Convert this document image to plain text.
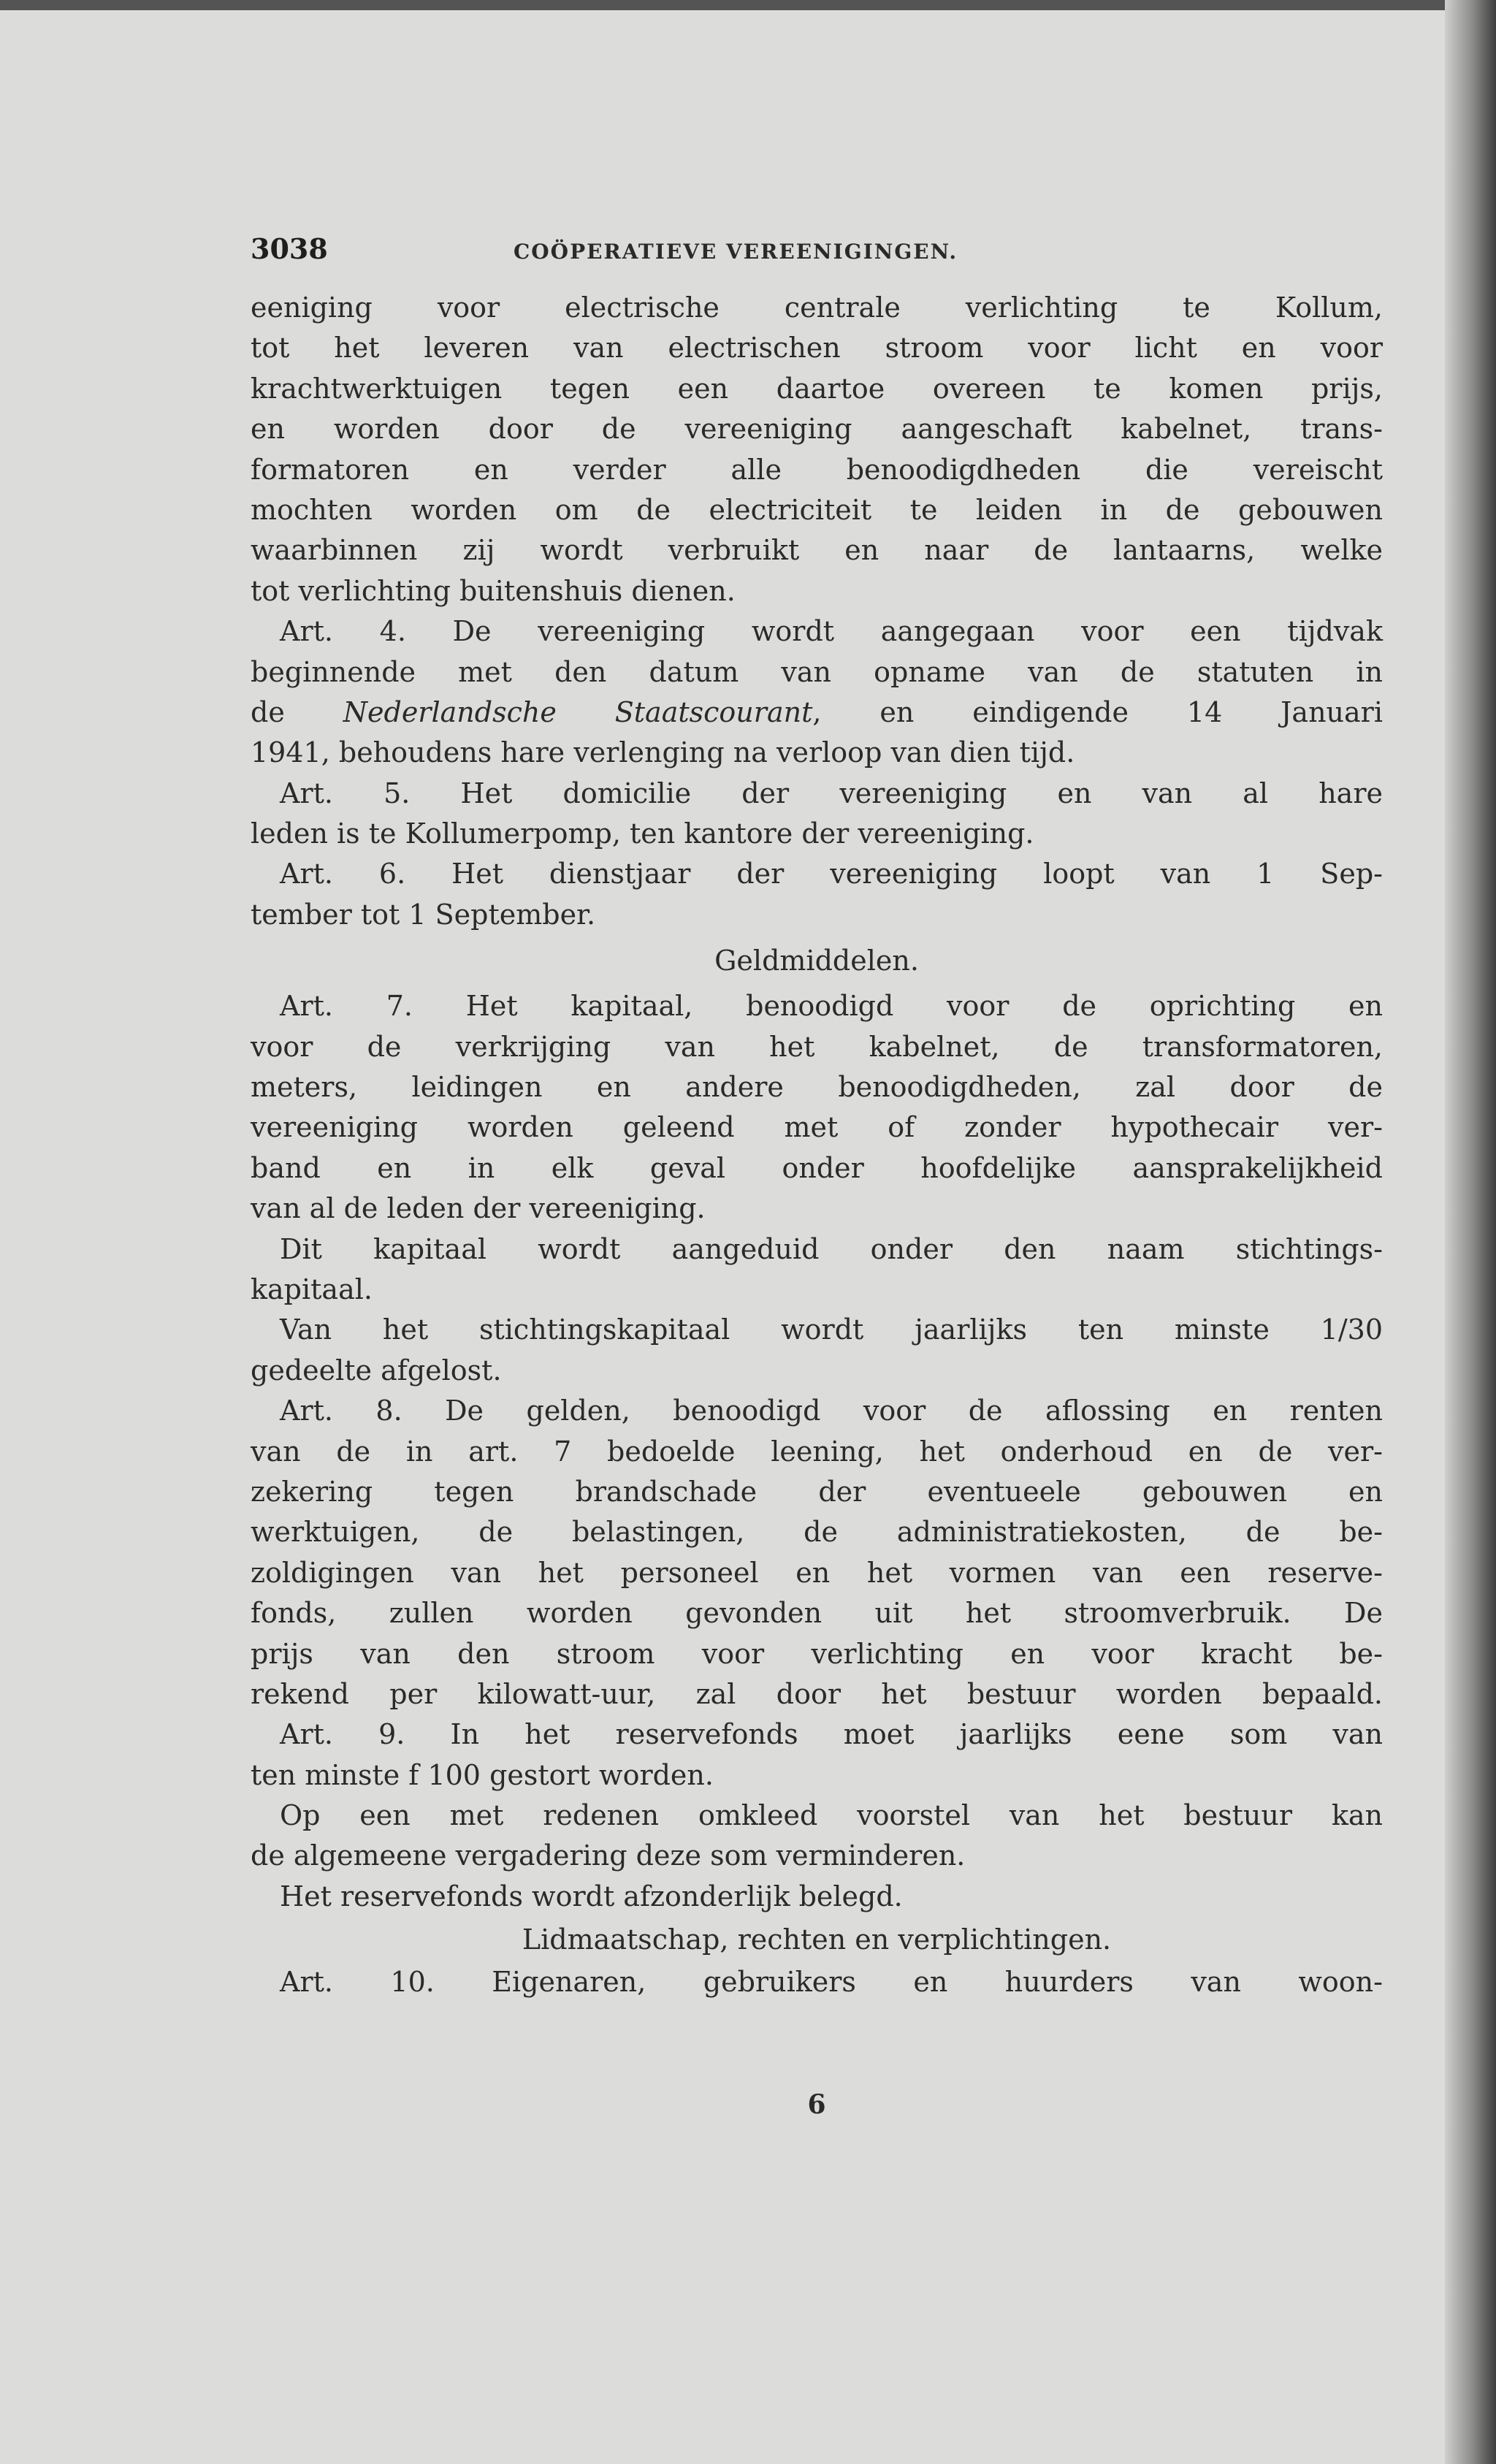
3038	COÖPERATIEVE VEREENIGINGEN.
eeniging voor electrische centrale verlichting te Kollum,
tot het leveren van electrischen stroom voor licht en voor
krachtwerktuigen tegen een daartoe overeen te komen prijs,
en worden door de vereeniging aangeschaft kabelnet, trans-
formatoren en verder alle benoodigdheden die vereischt
mochten worden om de electriciteit te leiden in de gebouwen
waarbinnen zij wordt verbruikt en naar de lantaarns, welke
tot verlichting buitenshuis dienen.
Art. 4. De vereeniging wordt aangegaan voor een tijdvak
beginnende met den datum van opname van de statuten in
de Nederlandsche Staatscourant, en eindigende 14 Januari
1941, behoudens hare verlenging na verloop van dien tijd.
Art. 5. Het domicilie der vereeniging en van al hare
leden is te Kollumerpomp, ten kantore der vereeniging.
Art. 6. Het dienstjaar der vereeniging loopt van 1 Sep-
tember tot 1 September.
Geldmiddelen.
Art. 7. Het kapitaal, benoodigd voor de oprichting en
voor de verkrijging van het kabelnet, de transformatoren,
meters, leidingen en andere benoodigdheden, zal door de
vereeniging worden geleend met of zonder hypothecair ver-
band en in elk geval onder hoofdelijke aansprakelijkheid
van al de leden der vereeniging.
Dit kapitaal wordt aangeduid onder den naam stichtings-
kapitaal.
Van het stichtingskapitaal wordt jaarlijks ten minste 1/30
gedeelte afgelost.
Art. 8. De gelden, benoodigd voor de aflossing en renten
van de in art. 7 bedoelde leening, het onderhoud en de ver-
zekering tegen brandschade der eventueele gebouwen en
werktuigen, de belastingen, de administratiekosten, de be-
zoldigingen van het personeel en het vormen van een reserve-
fonds, zullen worden gevonden uit het stroomverbruik. De
prijs van den stroom voor verlichting en voor kracht be-
rekend per kilowatt-uur, zal door het bestuur worden bepaald.
Art. 9. In het reservefonds moet jaarlijks eene som van
ten minste f 100 gestort worden.
Op een met redenen omkleed voorstel van het bestuur kan
de algemeene vergadering deze som verminderen.
Het reservefonds wordt afzonderlijk belegd.
Lidmaatschap, rechten en verplichtingen.
Art. 10. Eigenaren, gebruikers en huurders van woon-
6
